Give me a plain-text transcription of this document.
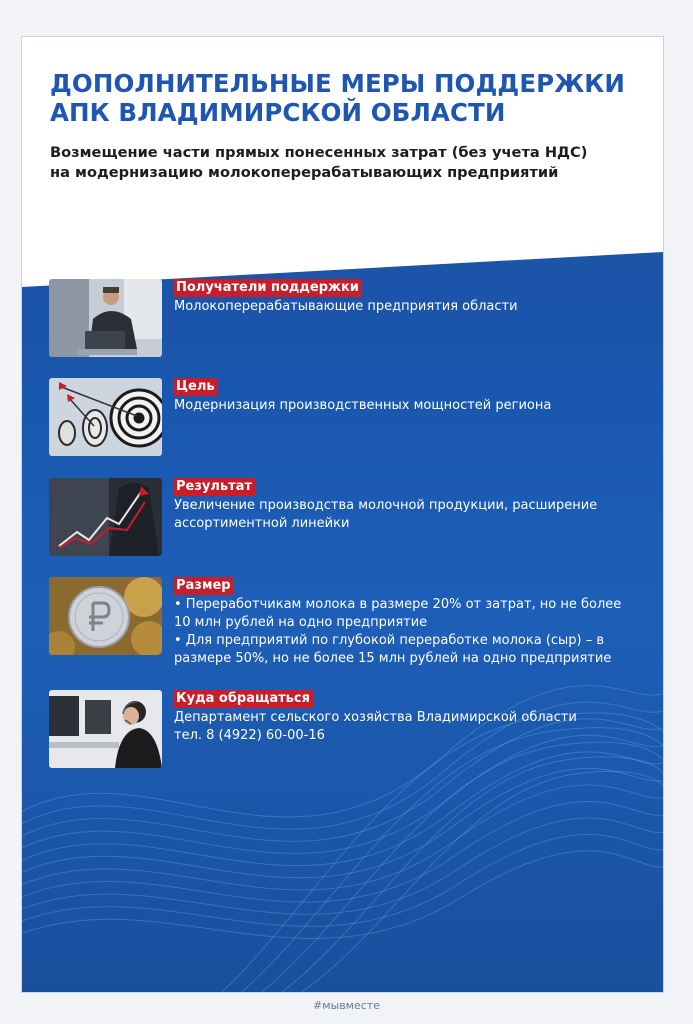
ДОПОЛНИТЕЛЬНЫЕ МЕРЫ ПОДДЕРЖКИ
АПК ВЛАДИМИРСКОЙ ОБЛАСТИ

Возмещение части прямых понесенных затрат (без учета НДС)
на модернизацию молокоперерабатывающих предприятий

Получатели поддержки
Молокоперерабатывающие предприятия области
Цель
Модернизация производственных мощностей региона
Результат
Увеличение производства молочной продукции, расширение
ассортиментной линейки
Размер
• Переработчикам молока в размере 20% от затрат, но не более
10 млн рублей на одно предприятие
• Для предприятий по глубокой переработке молока (сыр) – в
размере 50%, но не более 15 млн рублей на одно предприятие
Куда обращаться
Департамент сельского хозяйства Владимирской области
тел. 8 (4922) 60-00-16
#мывместе
